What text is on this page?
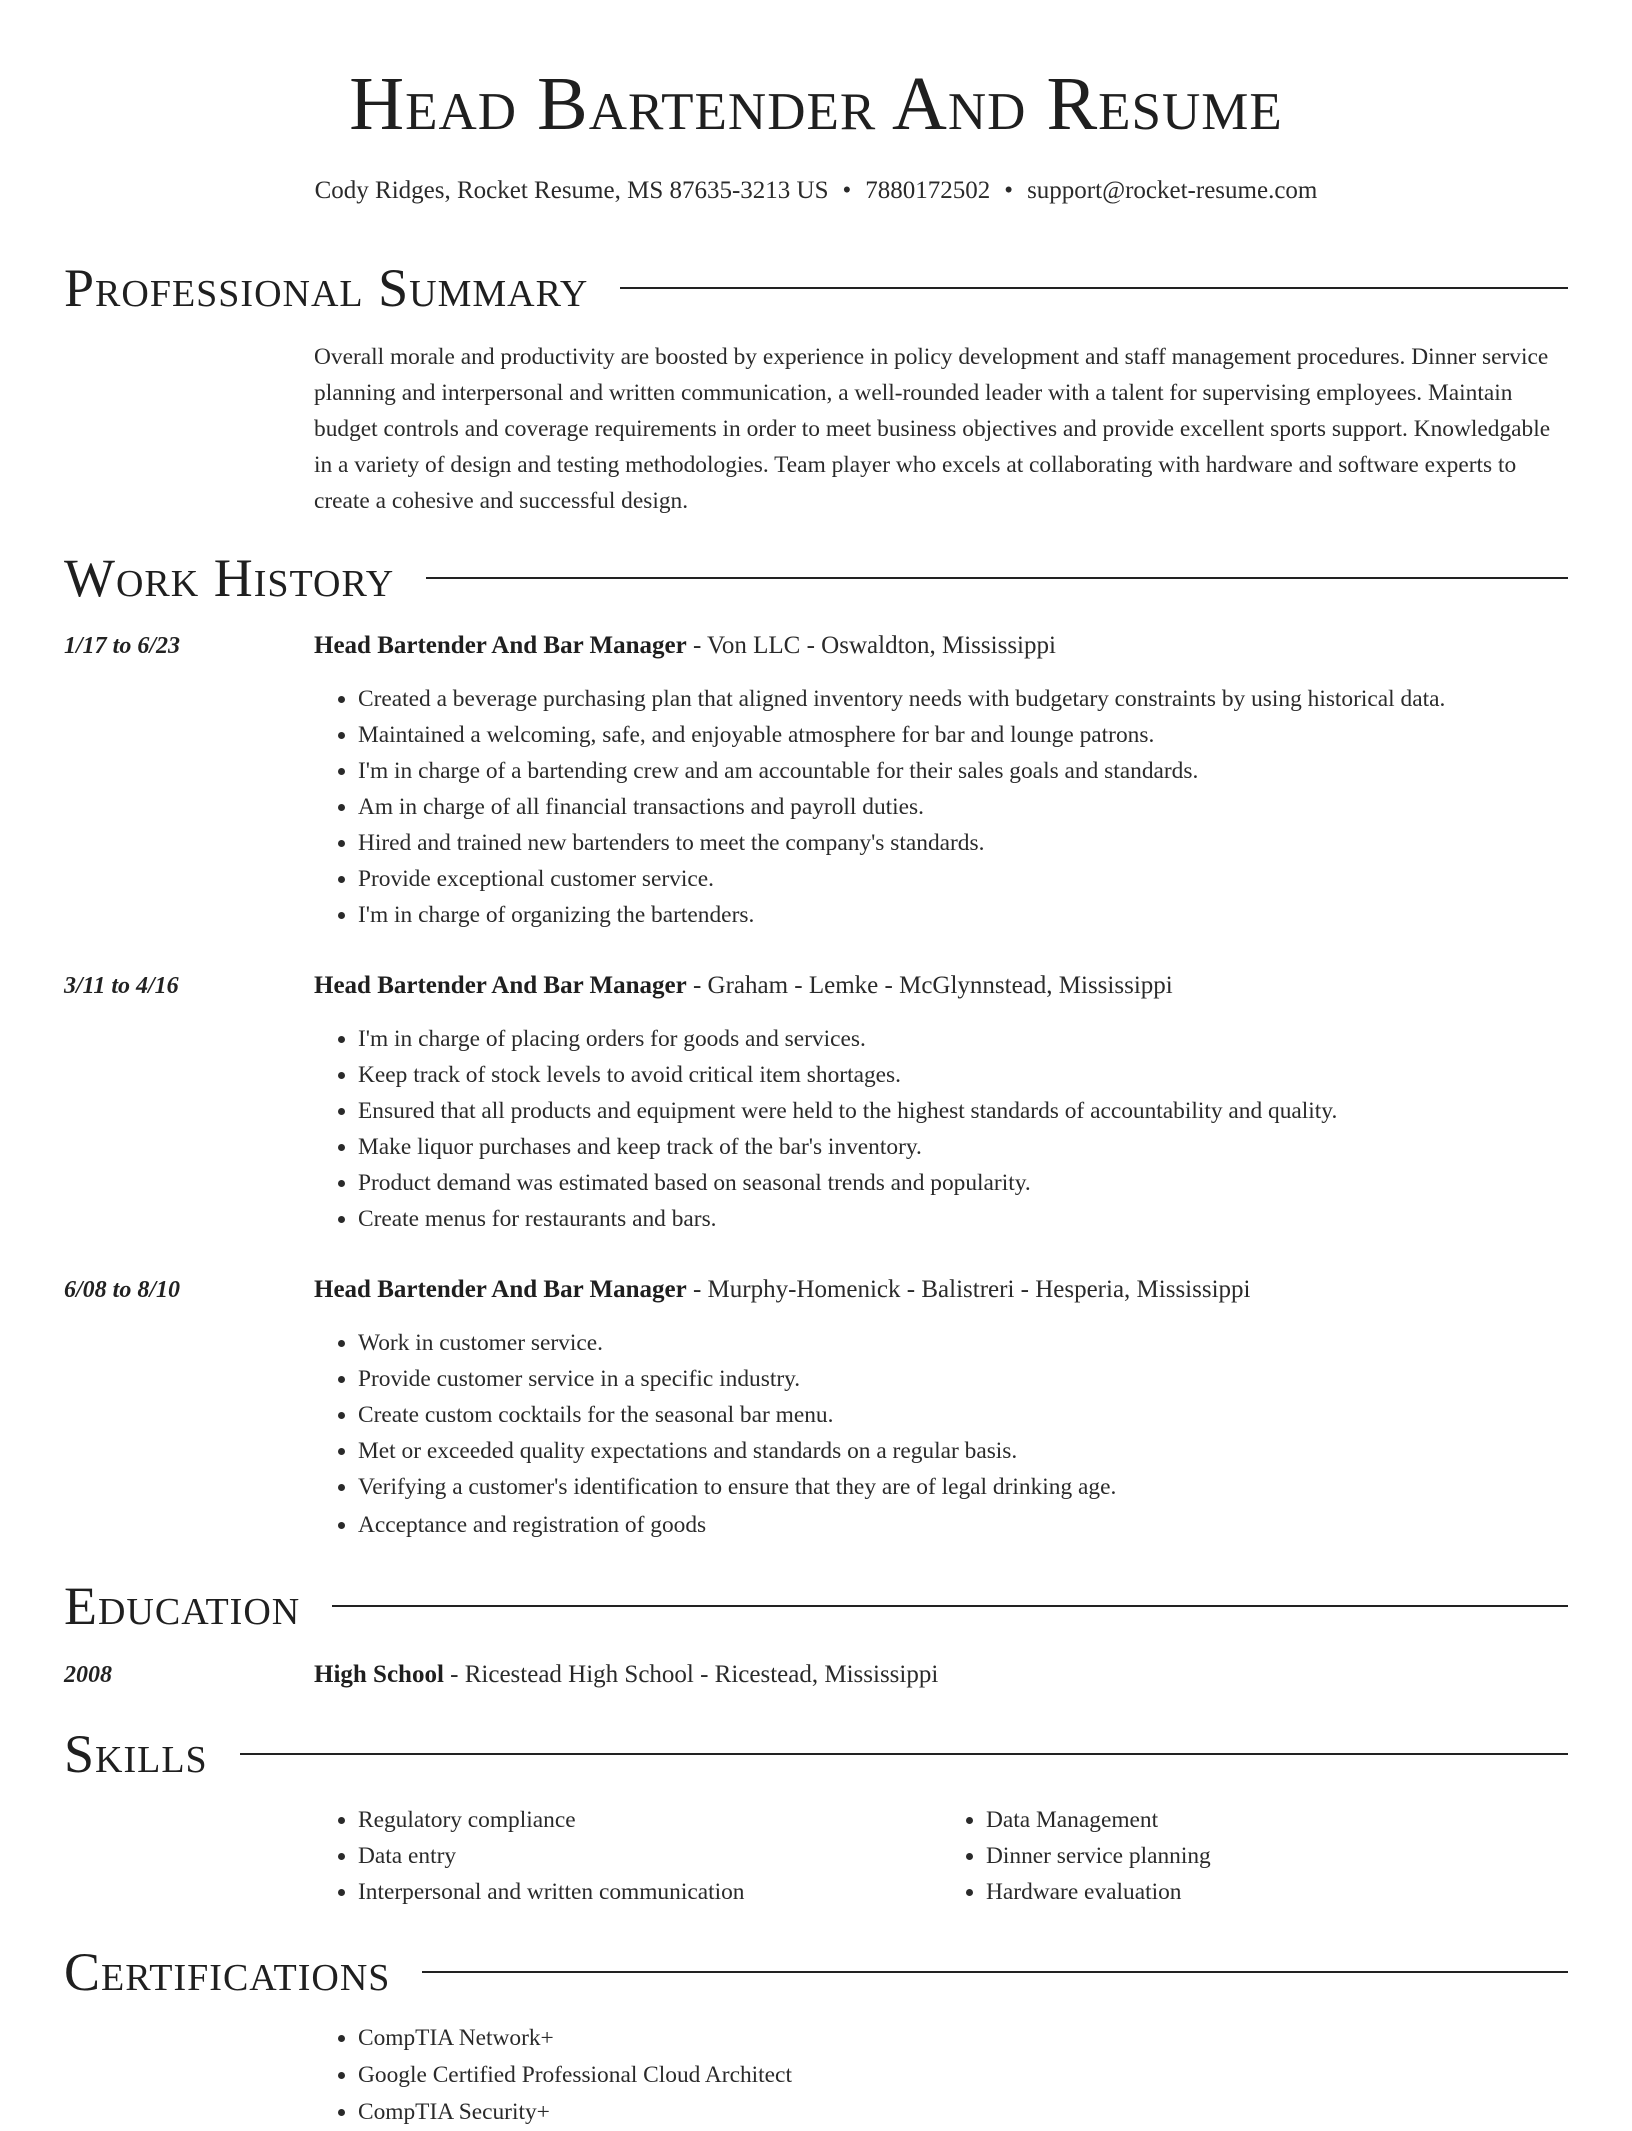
Head Bartender And Resume
Cody Ridges, Rocket Resume, MS 87635-3213 US • 7880172502 • support@rocket-resume.com
Professional Summary
Overall morale and productivity are boosted by experience in policy development and staff management procedures. Dinner service planning and interpersonal and written communication, a well-rounded leader with a talent for supervising employees. Maintain budget controls and coverage requirements in order to meet business objectives and provide excellent sports support. Knowledgable in a variety of design and testing methodologies. Team player who excels at collaborating with hardware and software experts to create a cohesive and successful design.
Work History
1/17 to 6/23	Head Bartender And Bar Manager - Von LLC - Oswaldton, Mississippi
• Created a beverage purchasing plan that aligned inventory needs with budgetary constraints by using historical data.
• Maintained a welcoming, safe, and enjoyable atmosphere for bar and lounge patrons.
• I'm in charge of a bartending crew and am accountable for their sales goals and standards.
• Am in charge of all financial transactions and payroll duties.
• Hired and trained new bartenders to meet the company's standards.
• Provide exceptional customer service.
• I'm in charge of organizing the bartenders.
3/11 to 4/16	Head Bartender And Bar Manager - Graham - Lemke - McGlynnstead, Mississippi
• I'm in charge of placing orders for goods and services.
• Keep track of stock levels to avoid critical item shortages.
• Ensured that all products and equipment were held to the highest standards of accountability and quality.
• Make liquor purchases and keep track of the bar's inventory.
• Product demand was estimated based on seasonal trends and popularity.
• Create menus for restaurants and bars.
6/08 to 8/10	Head Bartender And Bar Manager - Murphy-Homenick - Balistreri - Hesperia, Mississippi
• Work in customer service.
• Provide customer service in a specific industry.
• Create custom cocktails for the seasonal bar menu.
• Met or exceeded quality expectations and standards on a regular basis.
• Verifying a customer's identification to ensure that they are of legal drinking age.
• Acceptance and registration of goods
Education
2008	High School - Ricestead High School - Ricestead, Mississippi
Skills
• Regulatory compliance
• Data entry
• Interpersonal and written communication
• Data Management
• Dinner service planning
• Hardware evaluation
Certifications
• CompTIA Network+
• Google Certified Professional Cloud Architect
• CompTIA Security+
